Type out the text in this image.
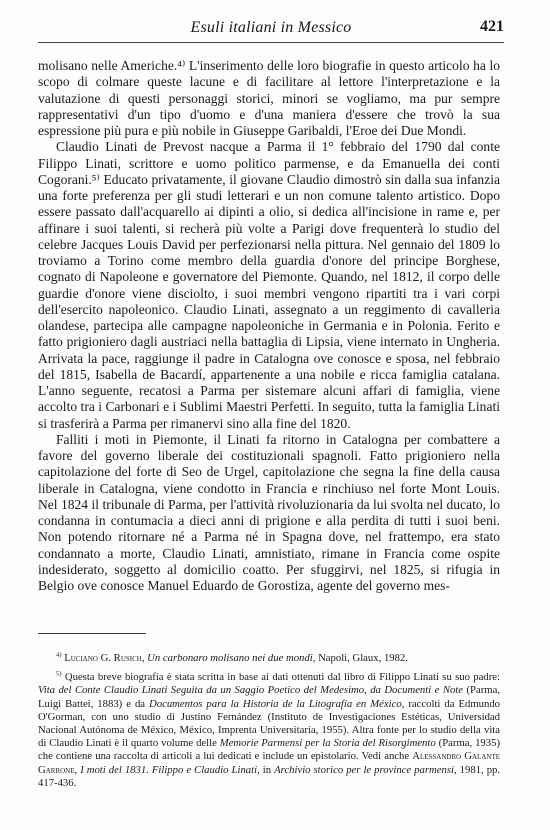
Esuli italiani in Messico	421

molisano nelle Americhe.⁴⁾ L'inserimento delle loro biografie in questo articolo ha lo scopo di colmare queste lacune e di facilitare al lettore l'interpretazione e la valutazione di questi personaggi storici, minori se vogliamo, ma pur sempre rappresentativi d'un tipo d'uomo e d'una maniera d'essere che trovò la sua espressione più pura e più nobile in Giuseppe Garibaldi, l'Eroe dei Due Mondi.

Claudio Linati de Prevost nacque a Parma il 1° febbraio del 1790 dal conte Filippo Linati, scrittore e uomo politico parmense, e da Emanuella dei conti Cogorani.⁵⁾ Educato privatamente, il giovane Claudio dimostrò sin dalla sua infanzia una forte preferenza per gli studi letterari e un non comune talento artistico. Dopo essere passato dall'acquarello ai dipinti a olio, si dedica all'incisione in rame e, per affinare i suoi talenti, si recherà più volte a Parigi dove frequenterà lo studio del celebre Jacques Louis David per perfezionarsi nella pittura. Nel gennaio del 1809 lo troviamo a Torino come membro della guardia d'onore del principe Borghese, cognato di Napoleone e governatore del Piemonte. Quando, nel 1812, il corpo delle guardie d'onore viene disciolto, i suoi membri vengono ripartiti tra i vari corpi dell'esercito napoleonico. Claudio Linati, assegnato a un reggimento di cavalleria olandese, partecipa alle campagne napoleoniche in Germania e in Polonia. Ferito e fatto prigioniero dagli austriaci nella battaglia di Lipsia, viene internato in Ungheria. Arrivata la pace, raggiunge il padre in Catalogna ove conosce e sposa, nel febbraio del 1815, Isabella de Bacardí, appartenente a una nobile e ricca famiglia catalana. L'anno seguente, recatosi a Parma per sistemare alcuni affari di famiglia, viene accolto tra i Carbonari e i Sublimi Maestri Perfetti. In seguito, tutta la famiglia Linati si trasferirà a Parma per rimanervi sino alla fine del 1820.

Falliti i moti in Piemonte, il Linati fa ritorno in Catalogna per combattere a favore del governo liberale dei costituzionali spagnoli. Fatto prigioniero nella capitolazione del forte di Seo de Urgel, capitolazione che segna la fine della causa liberale in Catalogna, viene condotto in Francia e rinchiuso nel forte Mont Louis. Nel 1824 il tribunale di Parma, per l'attività rivoluzionaria da lui svolta nel ducato, lo condanna in contumacia a dieci anni di prigione e alla perdita di tutti i suoi beni. Non potendo ritornare né a Parma né in Spagna dove, nel frattempo, era stato condannato a morte, Claudio Linati, amnistiato, rimane in Francia come ospite indesiderato, soggetto al domicilio coatto. Per sfuggirvi, nel 1825, si rifugia in Belgio ove conosce Manuel Eduardo de Gorostiza, agente del governo mes-

$^{4)}$ Luciano G. Rusich, Un carbonaro molisano nei due mondi, Napoli, Glaux, 1982.

$^{5)}$ Questa breve biografia è stata scritta in base ai dati ottenuti dal libro di Filippo Linati su suo padre: Vita del Conte Claudio Linati Seguita da un Saggio Poetico del Medesimo, da Documenti e Note (Parma, Luigi Battei, 1883) e da Documentos para la Historia de la Litografía en México, raccolti da Edmundo O'Gorman, con uno studio di Justino Fernández (Instituto de Investigaciones Estéticas, Universidad Nacional Autónoma de México, México, Imprenta Universitaria, 1955). Altra fonte per lo studio della vita di Claudio Linati è il quarto volume delle Memorie Parmensi per la Storia del Risorgimento (Parma, 1935) che contiene una raccolta di articoli a lui dedicati e include un epistolario. Vedi anche Alessandro Galante Garrone, I moti del 1831. Filippo e Claudio Linati, in Archivio storico per le province parmensi, 1981, pp. 417-436.
